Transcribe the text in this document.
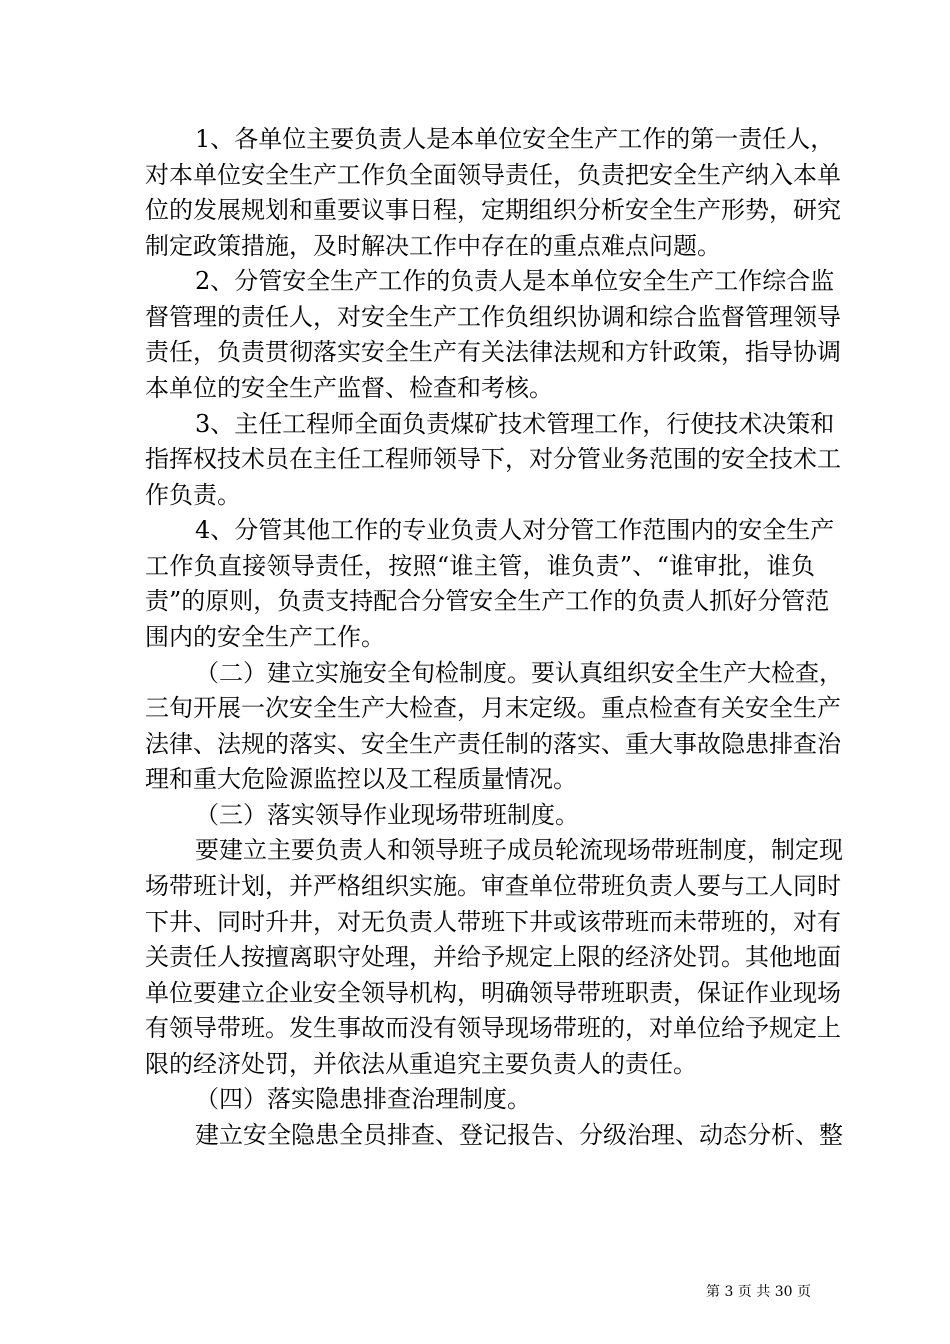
1、各单位主要负责人是本单位安全生产工作的第一责任人，
对本单位安全生产工作负全面领导责任，负责把安全生产纳入本单
位的发展规划和重要议事日程，定期组织分析安全生产形势，研究
制定政策措施，及时解决工作中存在的重点难点问题。
2、分管安全生产工作的负责人是本单位安全生产工作综合监
督管理的责任人，对安全生产工作负组织协调和综合监督管理领导
责任，负责贯彻落实安全生产有关法律法规和方针政策，指导协调
本单位的安全生产监督、检查和考核。
3、主任工程师全面负责煤矿技术管理工作，行使技术决策和
指挥权技术员在主任工程师领导下，对分管业务范围的安全技术工
作负责。
4、分管其他工作的专业负责人对分管工作范围内的安全生产
工作负直接领导责任，按照“谁主管，谁负责”、“谁审批，谁负
责”的原则，负责支持配合分管安全生产工作的负责人抓好分管范
围内的安全生产工作。
（二）建立实施安全旬检制度。要认真组织安全生产大检查，
三旬开展一次安全生产大检查，月末定级。重点检查有关安全生产
法律、法规的落实、安全生产责任制的落实、重大事故隐患排查治
理和重大危险源监控以及工程质量情况。
（三）落实领导作业现场带班制度。
要建立主要负责人和领导班子成员轮流现场带班制度，制定现
场带班计划，并严格组织实施。审查单位带班负责人要与工人同时
下井、同时升井，对无负责人带班下井或该带班而未带班的，对有
关责任人按擅离职守处理，并给予规定上限的经济处罚。其他地面
单位要建立企业安全领导机构，明确领导带班职责，保证作业现场
有领导带班。发生事故而没有领导现场带班的，对单位给予规定上
限的经济处罚，并依法从重追究主要负责人的责任。
（四）落实隐患排查治理制度。
建立安全隐患全员排查、登记报告、分级治理、动态分析、整
第 3 页 共 30 页
